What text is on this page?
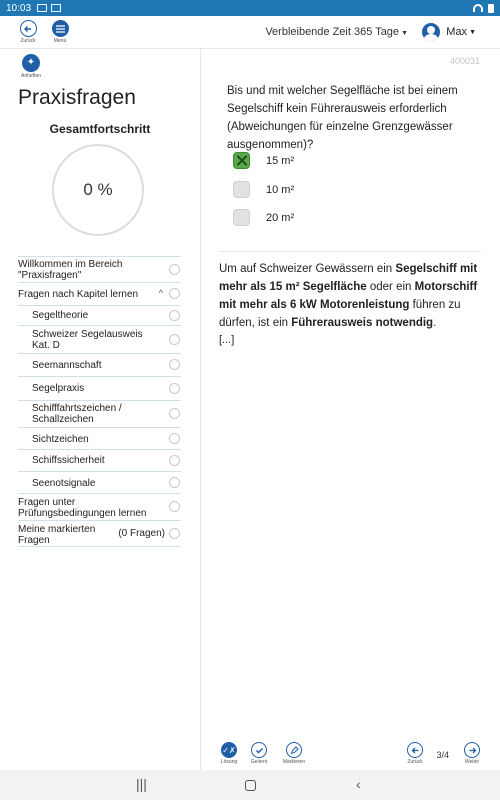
10:03
Zurück	Menü
Verbleibende Zeit 365 Tage ▼	Max ▼
✦
Anheften
Praxisfragen
Gesamtfortschritt
0 %
Willkommen im Bereich "Praxisfragen"
Fragen nach Kapitel lernen	^
Segeltheorie
Schweizer Segelausweis Kat. D
Seemannschaft
Segelpraxis
Schifffahrtszeichen / Schallzeichen
Sichtzeichen
Schiffssicherheit
Seenotsignale
Fragen unter Prüfungsbedingungen lernen
Meine markierten Fragen
(0 Fragen)
400031
Bis und mit welcher Segelfläche ist bei einem Segelschiff kein Führerausweis erforderlich (Abweichungen für einzelne Grenzgewässer ausgenommen)?
15 m²
10 m²
20 m²
Um auf Schweizer Gewässern ein Segelschiff mit mehr als 15 m² Segelfläche oder ein Motorschiff mit mehr als 6 kW Motorenleistung führen zu dürfen, ist ein Führerausweis notwendig.
[...]
✓✗
Lösung	Gelernt	Markieren	Zurück
3/4
Weiter
|||	‹
